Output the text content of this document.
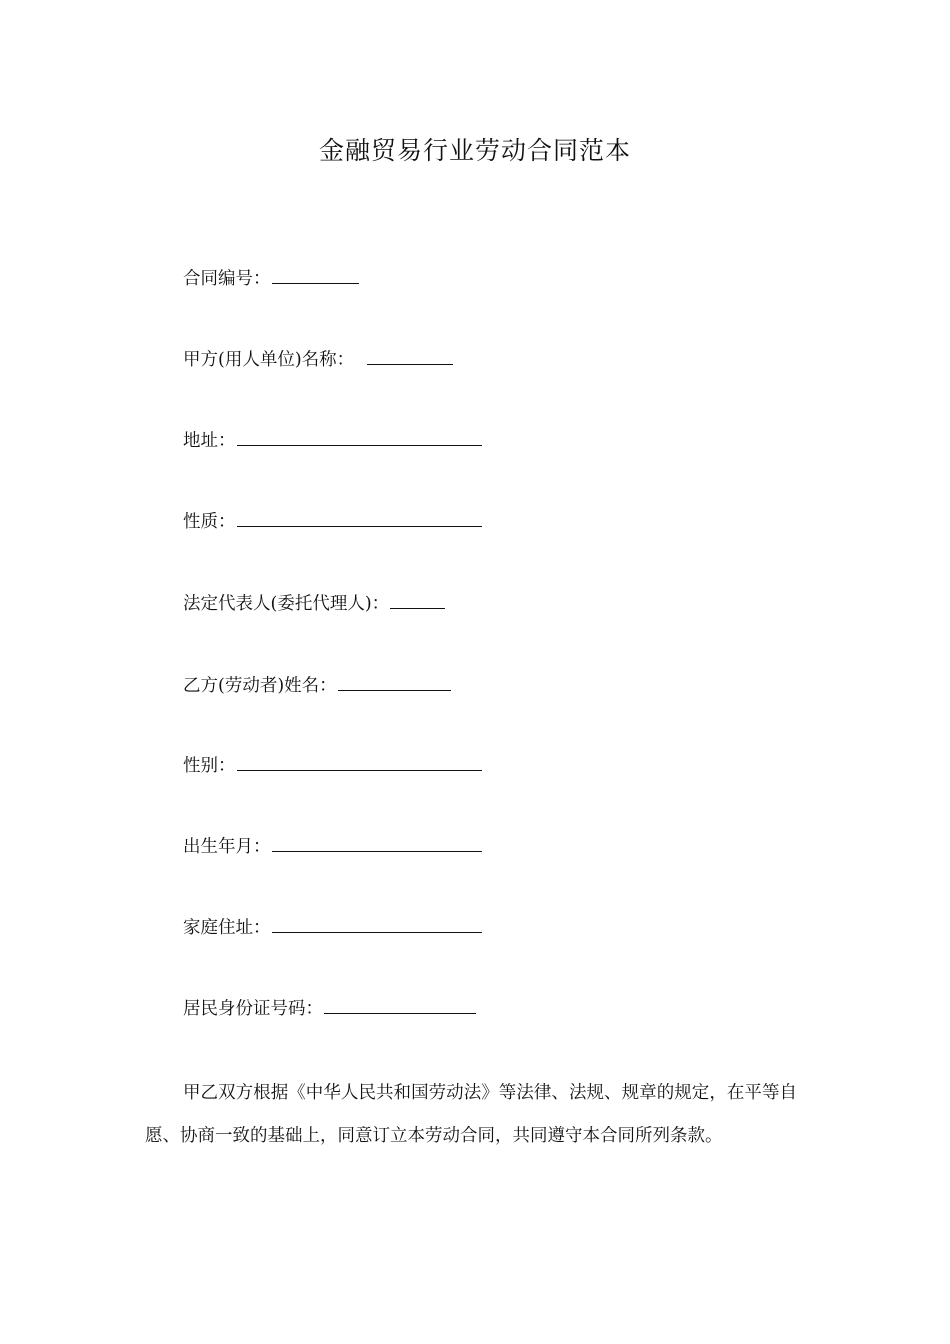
金融贸易行业劳动合同范本
合同编号：
甲方(用人单位)名称：　
地址：
性质：
法定代表人(委托代理人)：
乙方(劳动者)姓名：
性别：
出生年月：
家庭住址：
居民身份证号码：
甲乙双方根据《中华人民共和国劳动法》等法律、法规、规章的规定，在平等自愿、协商一致的基础上，同意订立本劳动合同，共同遵守本合同所列条款。
